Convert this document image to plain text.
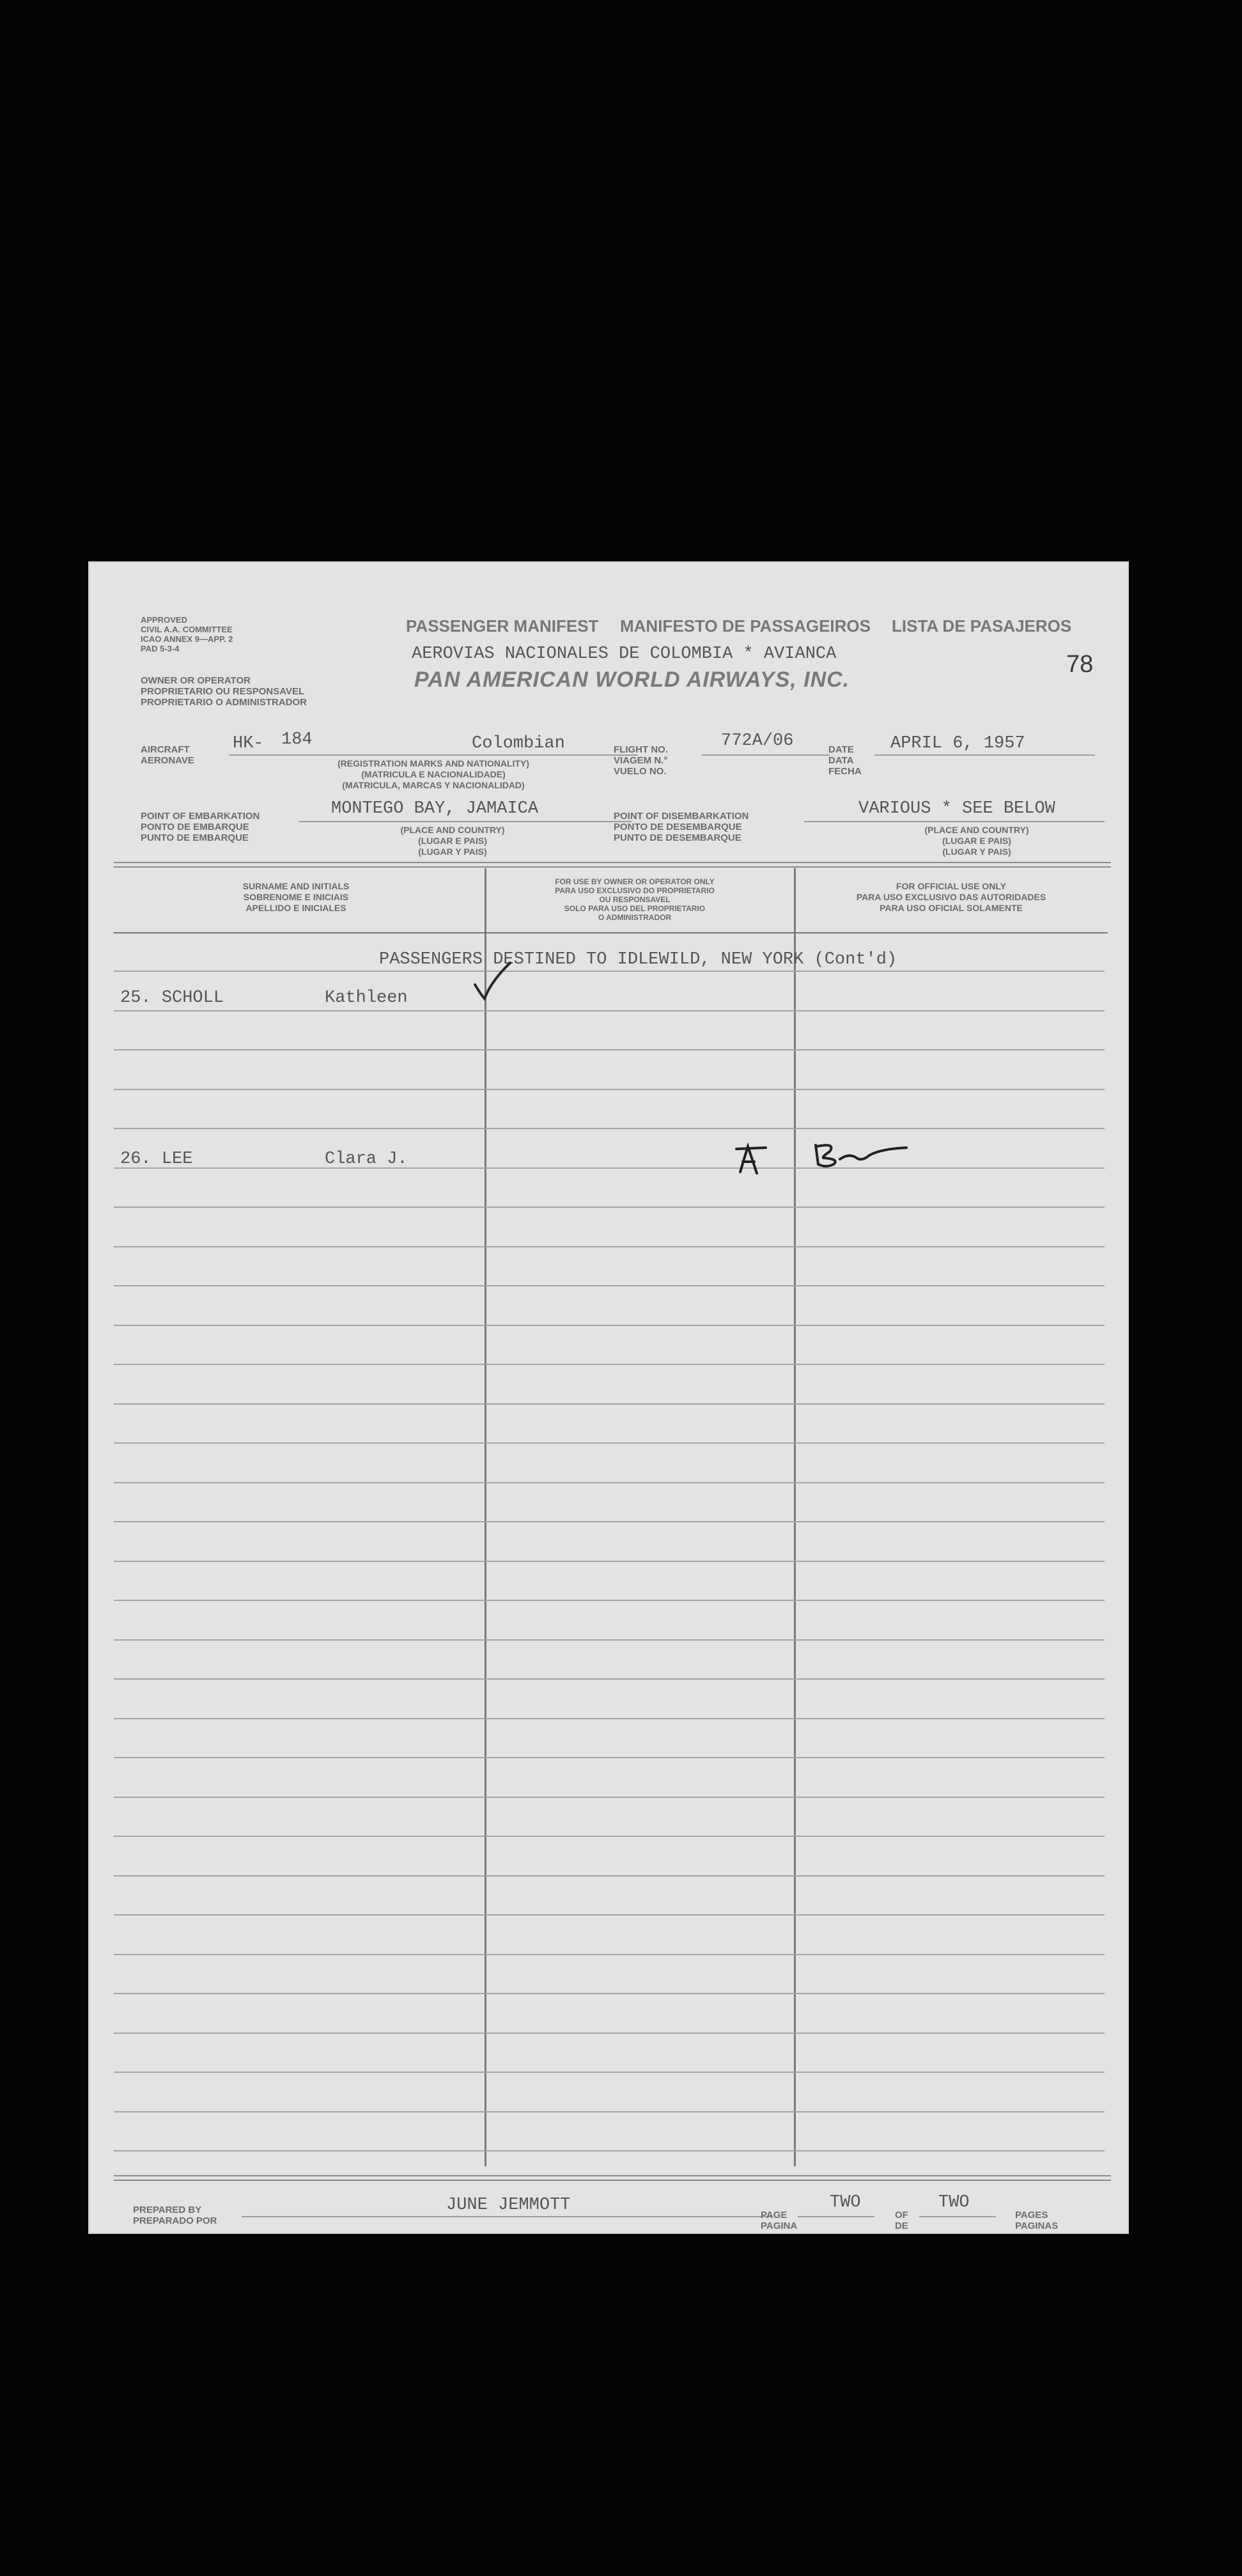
APPROVED
CIVIL A.A. COMMITTEE
ICAO ANNEX 9—APP. 2
PAD 5-3-4
PASSENGER MANIFEST MANIFESTO DE PASSAGEIROS LISTA DE PASAJEROS
78
OWNER OR OPERATOR
PROPRIETARIO OU RESPONSAVEL
PROPRIETARIO O ADMINISTRADOR
AEROVIAS NACIONALES DE COLOMBIA * AVIANCA
PAN AMERICAN WORLD AIRWAYS, INC.
AIRCRAFT
AERONAVE
HK- 184	Colombian
(REGISTRATION MARKS AND NATIONALITY)
(MATRICULA E NACIONALIDADE)
(MATRICULA, MARCAS Y NACIONALIDAD)
FLIGHT NO.
VIAGEM N.°
VUELO NO.
772A/06	DATE
DATA
FECHA
APRIL 6, 1957
POINT OF EMBARKATION
PONTO DE EMBARQUE
PUNTO DE EMBARQUE
MONTEGO BAY, JAMAICA
(PLACE AND COUNTRY)
(LUGAR E PAIS)
(LUGAR Y PAIS)
POINT OF DISEMBARKATION
PONTO DE DESEMBARQUE
PUNTO DE DESEMBARQUE
VARIOUS * SEE BELOW
(PLACE AND COUNTRY)
(LUGAR E PAIS)
(LUGAR Y PAIS)
SURNAME AND INITIALS
SOBRENOME E INICIAIS
APELLIDO E INICIALES
FOR USE BY OWNER OR OPERATOR ONLY
PARA USO EXCLUSIVO DO PROPRIETARIO
OU RESPONSAVEL
SOLO PARA USO DEL PROPRIETARIO
O ADMINISTRADOR
FOR OFFICIAL USE ONLY
PARA USO EXCLUSIVO DAS AUTORIDADES
PARA USO OFICIAL SOLAMENTE
PASSENGERS DESTINED TO IDLEWILD, NEW YORK (Cont'd)
25. SCHOLL	Kathleen
26. LEE	Clara J.
PREPARED BY
PREPARADO POR
JUNE JEMMOTT
PAGE
PAGINA
TWO
OF
DE
TWO
PAGES
PAGINAS
